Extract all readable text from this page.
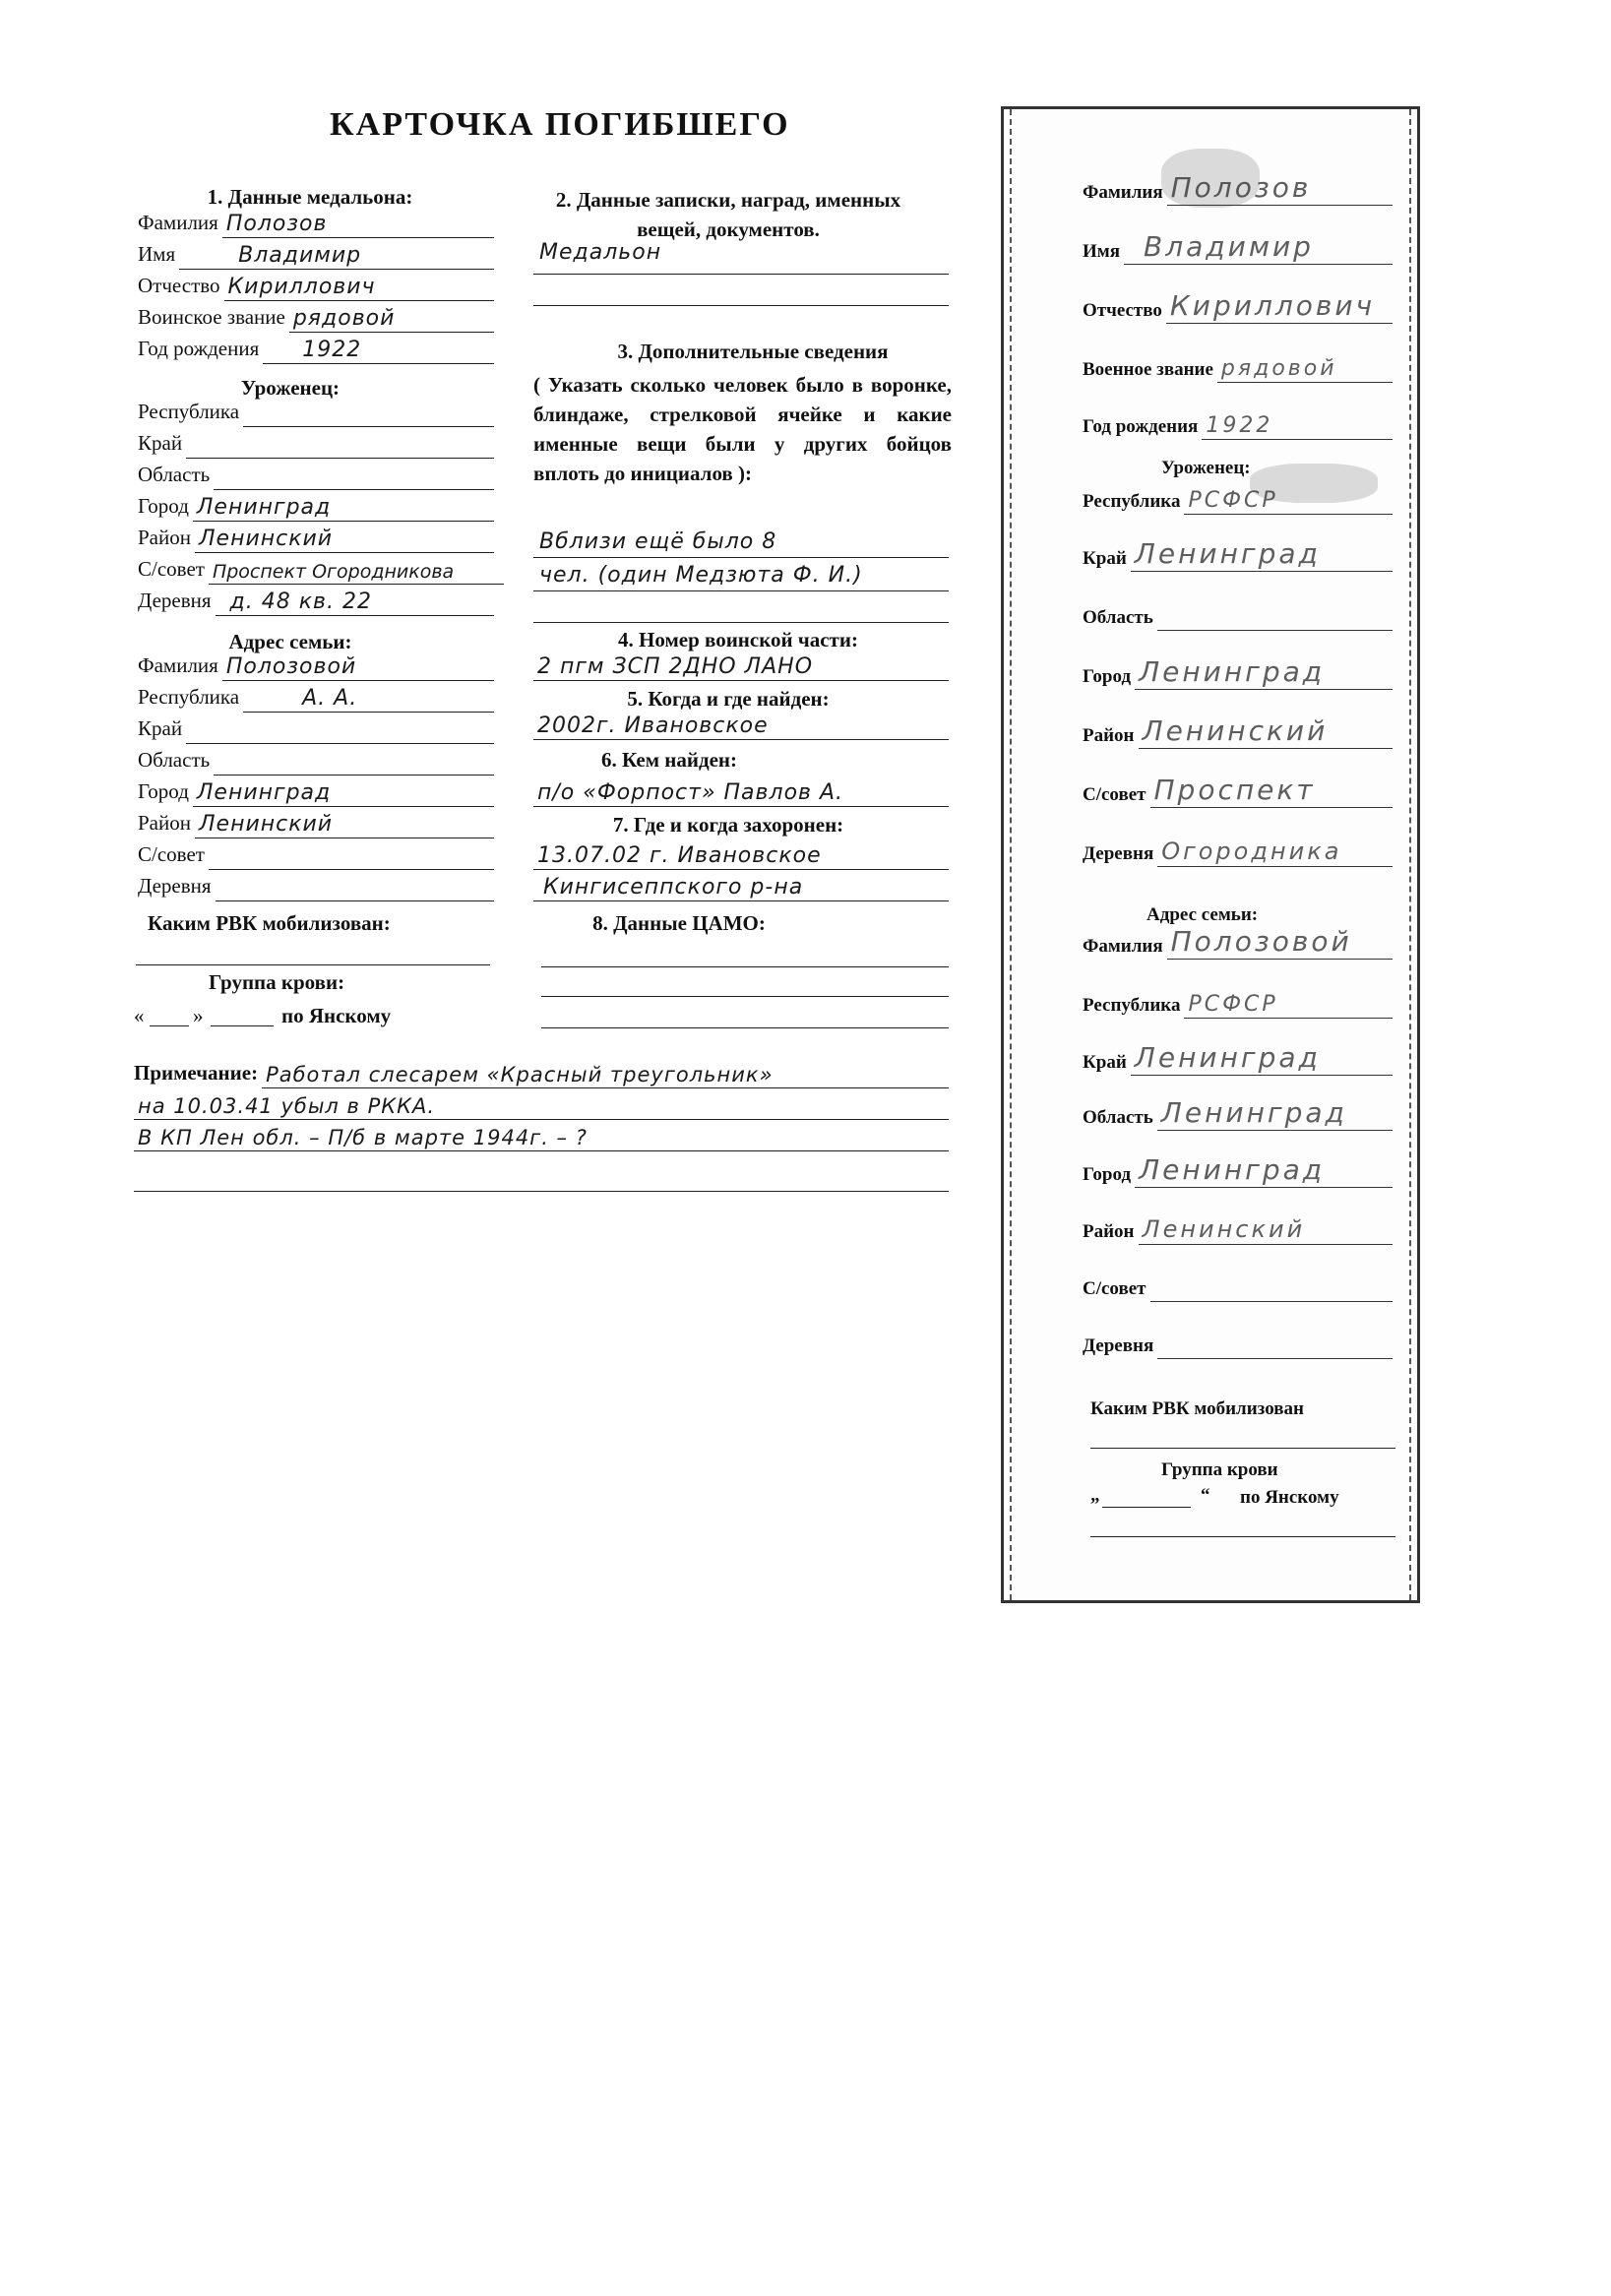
КАРТОЧКА ПОГИБШЕГО
1. Данные медальона:
Фамилия Полозов
Имя	Владимир
Отчество Кириллович
Воинское звание рядовой
Год рождения 1922
Уроженец:
Республика
Край
Область
Город Ленинград
Район Ленинский
С/совет Проспект Огородникова
Деревня д. 48 кв. 22
Адрес семьи:
Фамилия Полозовой
Республика	А. А.
Край
Область
Город Ленинград
Район Ленинский
С/совет
Деревня
Каким РВК мобилизован:
Группа крови:
« »	по Янскому
Примечание: Работал слесарем «Красный треугольник»
на 10.03.41 убыл в РККА.
В КП Лен обл. – П/б в марте 1944г. – ?
2. Данные записки, наград, именных вещей, документов.
Медальон
3. Дополнительные сведения
( Указать сколько человек было в воронке, блиндаже, стрелковой ячейке и какие именные вещи были у других бойцов вплоть до инициалов ):
Вблизи ещё было 8
чел. (один Медзюта Ф. И.)
4. Номер воинской части:
2 пгм ЗСП 2ДНО ЛАНО
5. Когда и где найден:
2002г. Ивановское
6. Кем найден:
п/о «Форпост» Павлов А.
7. Где и когда захоронен:
13.07.02 г. Ивановское
Кингисеппского р-на
8. Данные ЦАМО:
Фамилия Полозов
Имя Владимир
Отчество Кириллович
Военное звание рядовой
Год рождения 1922
Уроженец:
Республика РСФСР
Край Ленинград
Область
Город Ленинград
Район Ленинский
С/совет Проспект
Деревня Огородника
Адрес семьи:
Фамилия Полозовой
Республика РСФСР
Край Ленинград
Область Ленинград
Город Ленинград
Район Ленинский
С/совет
Деревня
Каким РВК мобилизован
Группа крови
„	“ по Янскому
